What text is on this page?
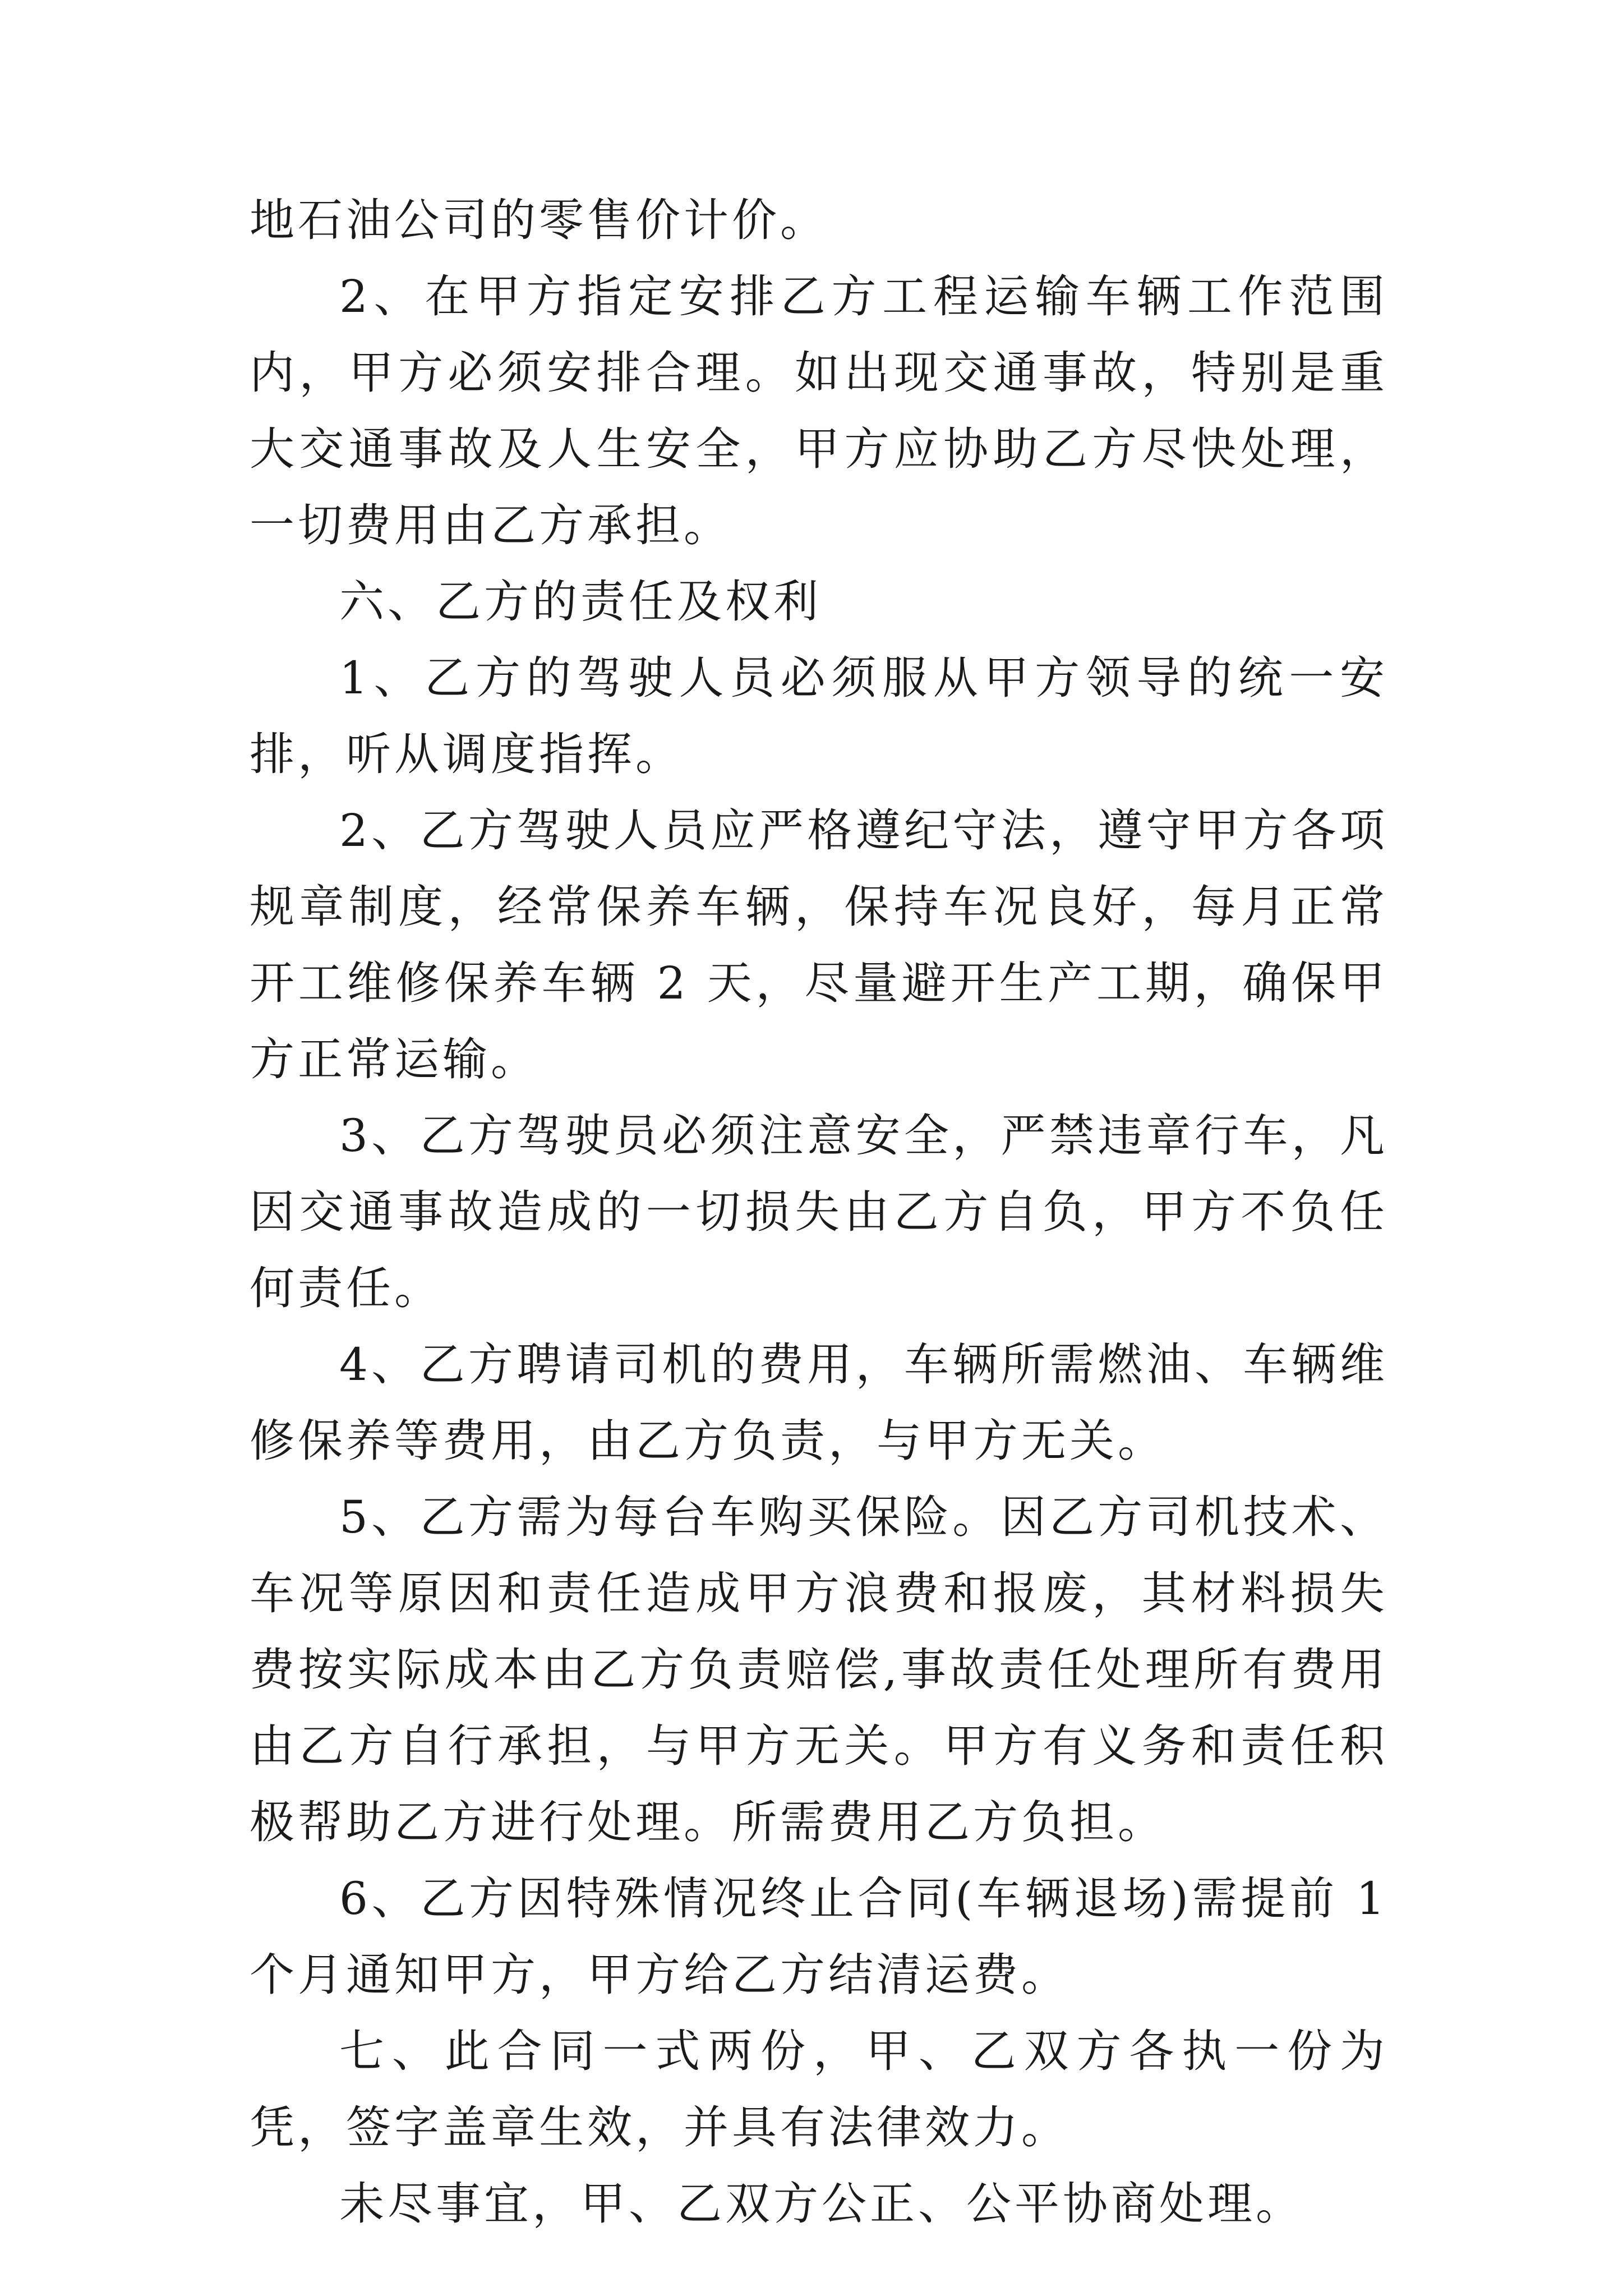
地石油公司的零售价计价。

2、在甲方指定安排乙方工程运输车辆工作范围内，甲方必须安排合理。如出现交通事故，特别是重大交通事故及人生安全，甲方应协助乙方尽快处理，一切费用由乙方承担。

六、乙方的责任及权利

1、乙方的驾驶人员必须服从甲方领导的统一安排，听从调度指挥。

2、乙方驾驶人员应严格遵纪守法，遵守甲方各项规章制度，经常保养车辆，保持车况良好，每月正常开工维修保养车辆 2 天，尽量避开生产工期，确保甲方正常运输。

3、乙方驾驶员必须注意安全，严禁违章行车，凡因交通事故造成的一切损失由乙方自负，甲方不负任何责任。

4、乙方聘请司机的费用，车辆所需燃油、车辆维修保养等费用，由乙方负责，与甲方无关。

5、乙方需为每台车购买保险。因乙方司机技术、车况等原因和责任造成甲方浪费和报废，其材料损失费按实际成本由乙方负责赔偿,事故责任处理所有费用由乙方自行承担，与甲方无关。甲方有义务和责任积极帮助乙方进行处理。所需费用乙方负担。

6、乙方因特殊情况终止合同(车辆退场)需提前 1 个月通知甲方，甲方给乙方结清运费。

七、此合同一式两份，甲、乙双方各执一份为凭，签字盖章生效，并具有法律效力。

未尽事宜，甲、乙双方公正、公平协商处理。
